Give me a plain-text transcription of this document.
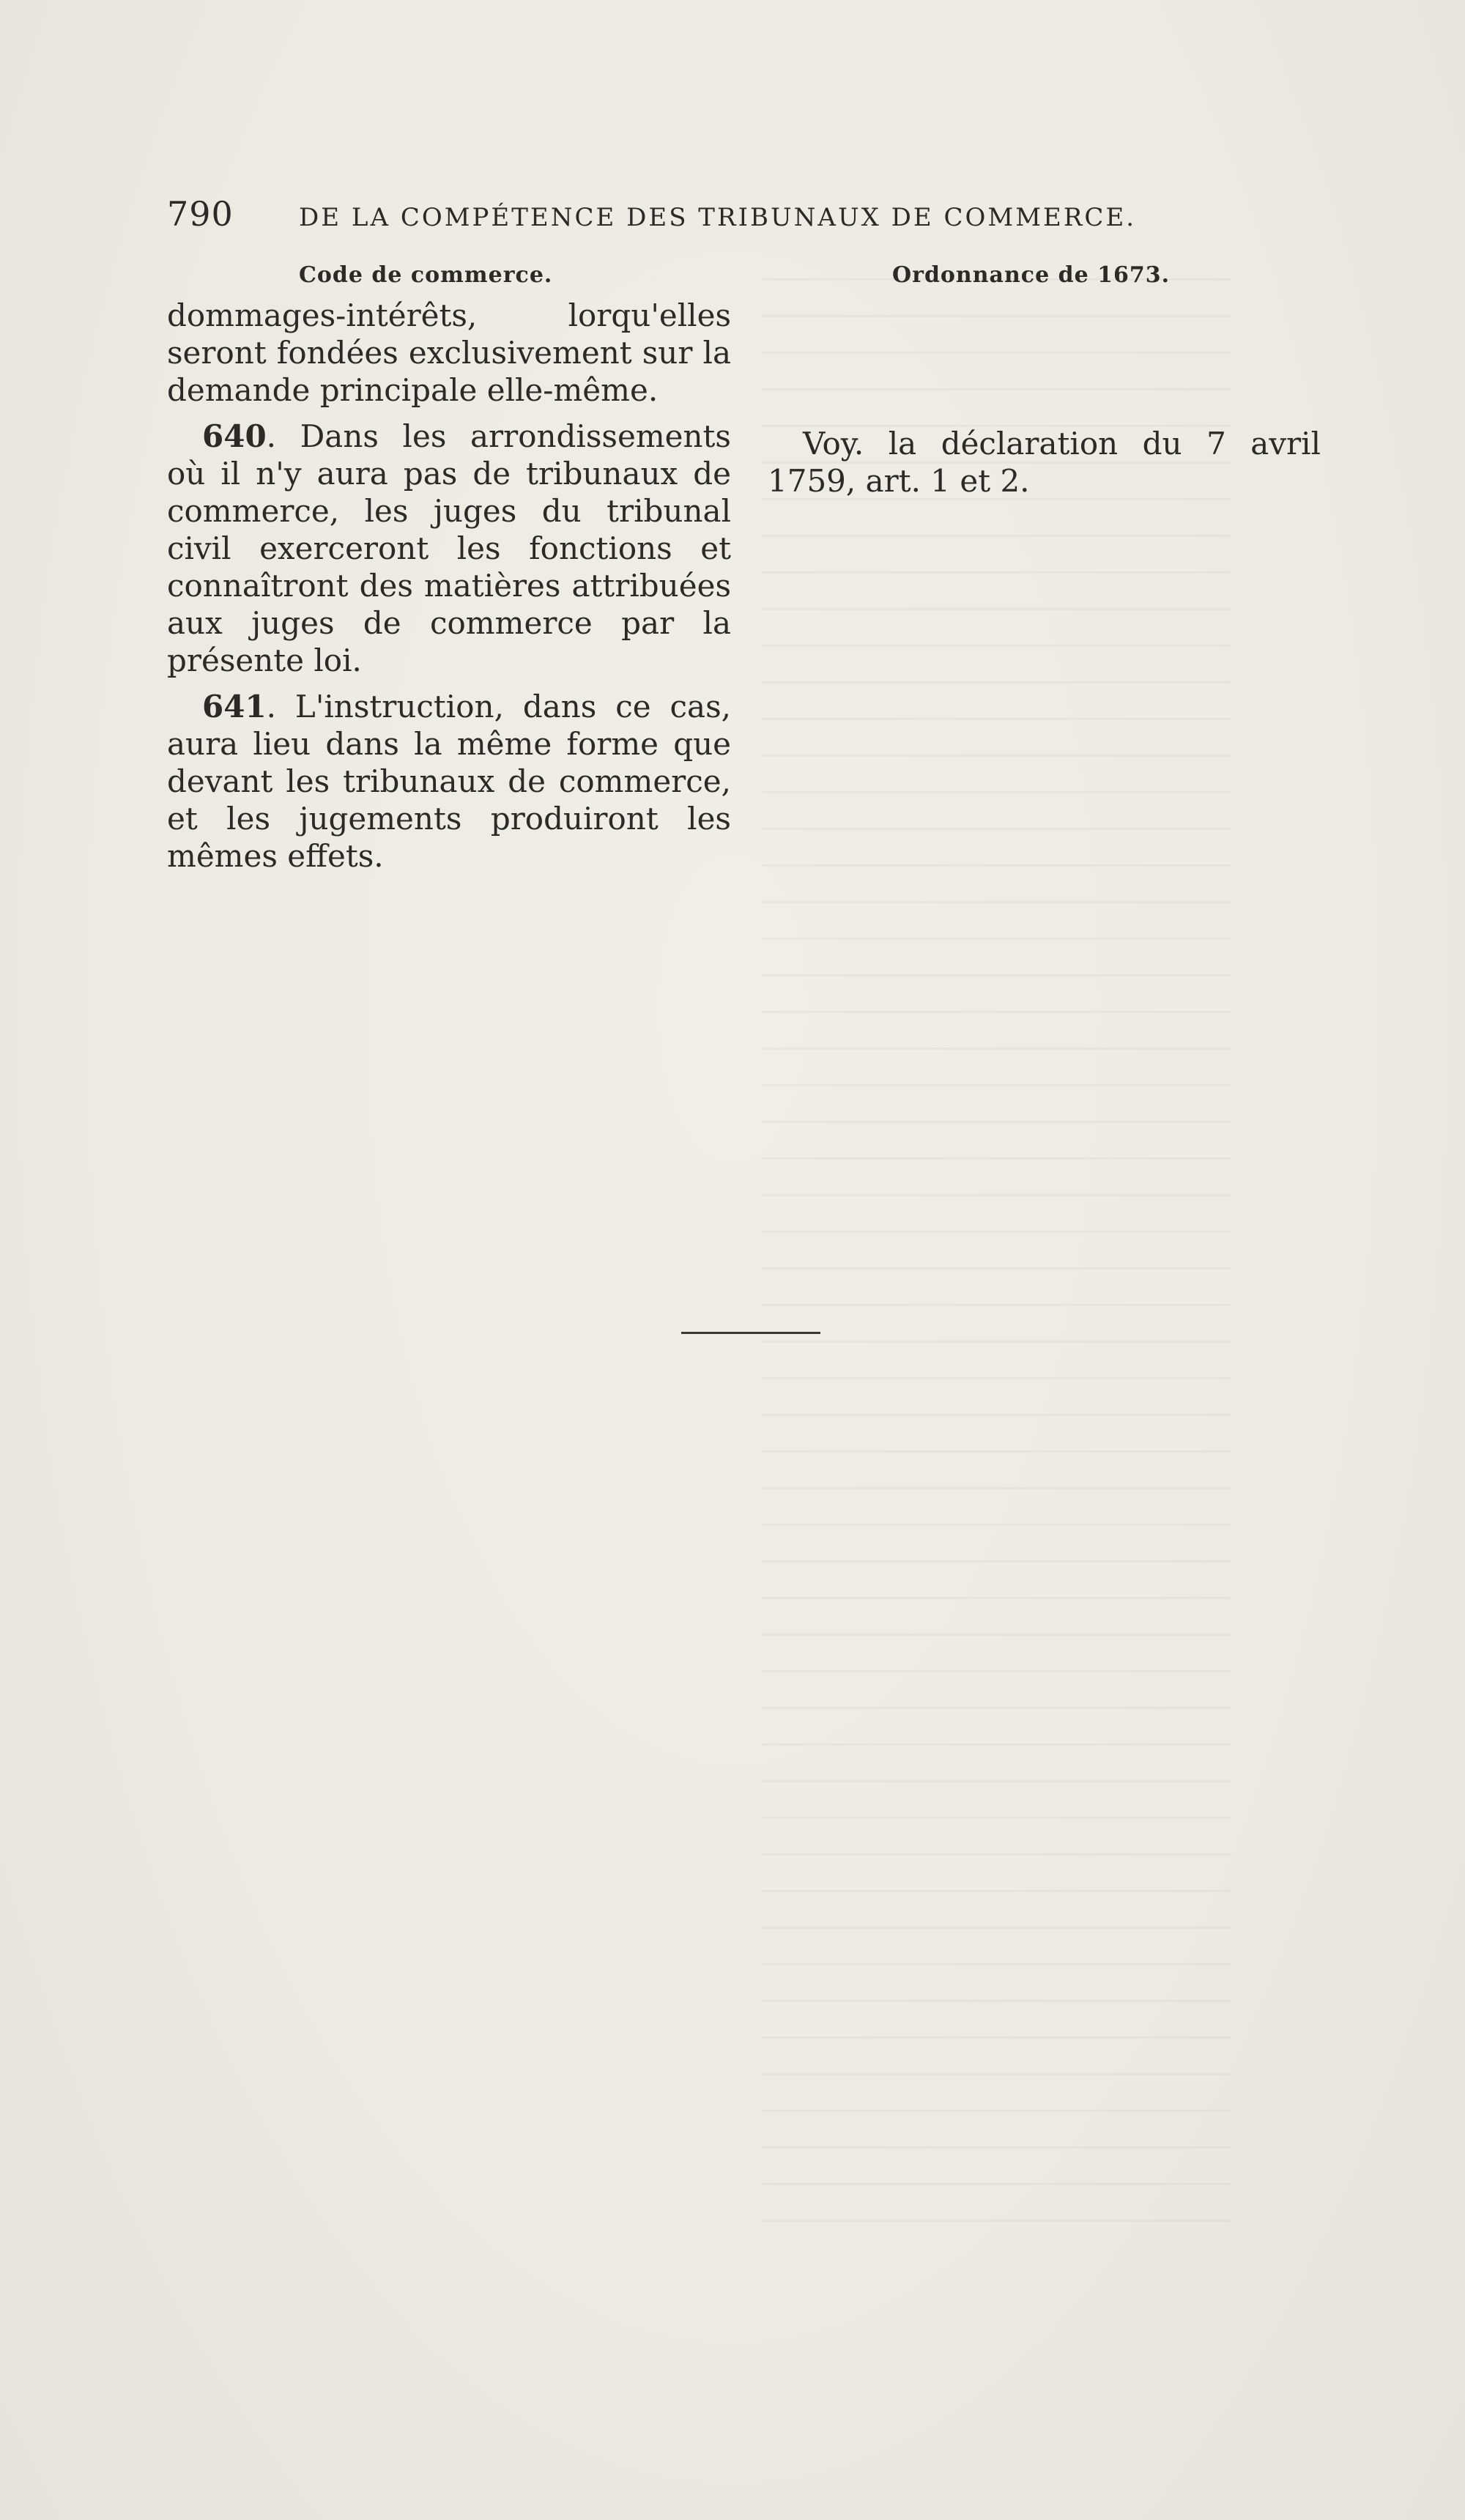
790	DE LA COMPÉTENCE DES TRIBUNAUX DE COMMERCE.
Code de commerce.	Ordonnance de 1673.

dommages-intérêts, lorqu'elles seront fondées exclusivement sur la demande principale elle-même.

640. Dans les arrondissements où il n'y aura pas de tribunaux de commerce, les juges du tribunal civil exerceront les fonctions et connaîtront des matières attribuées aux juges de commerce par la présente loi.

641. L'instruction, dans ce cas, aura lieu dans la même forme que devant les tribunaux de commerce, et les jugements produiront les mêmes effets.

Voy. la déclaration du 7 avril 1759, art. 1 et 2.
